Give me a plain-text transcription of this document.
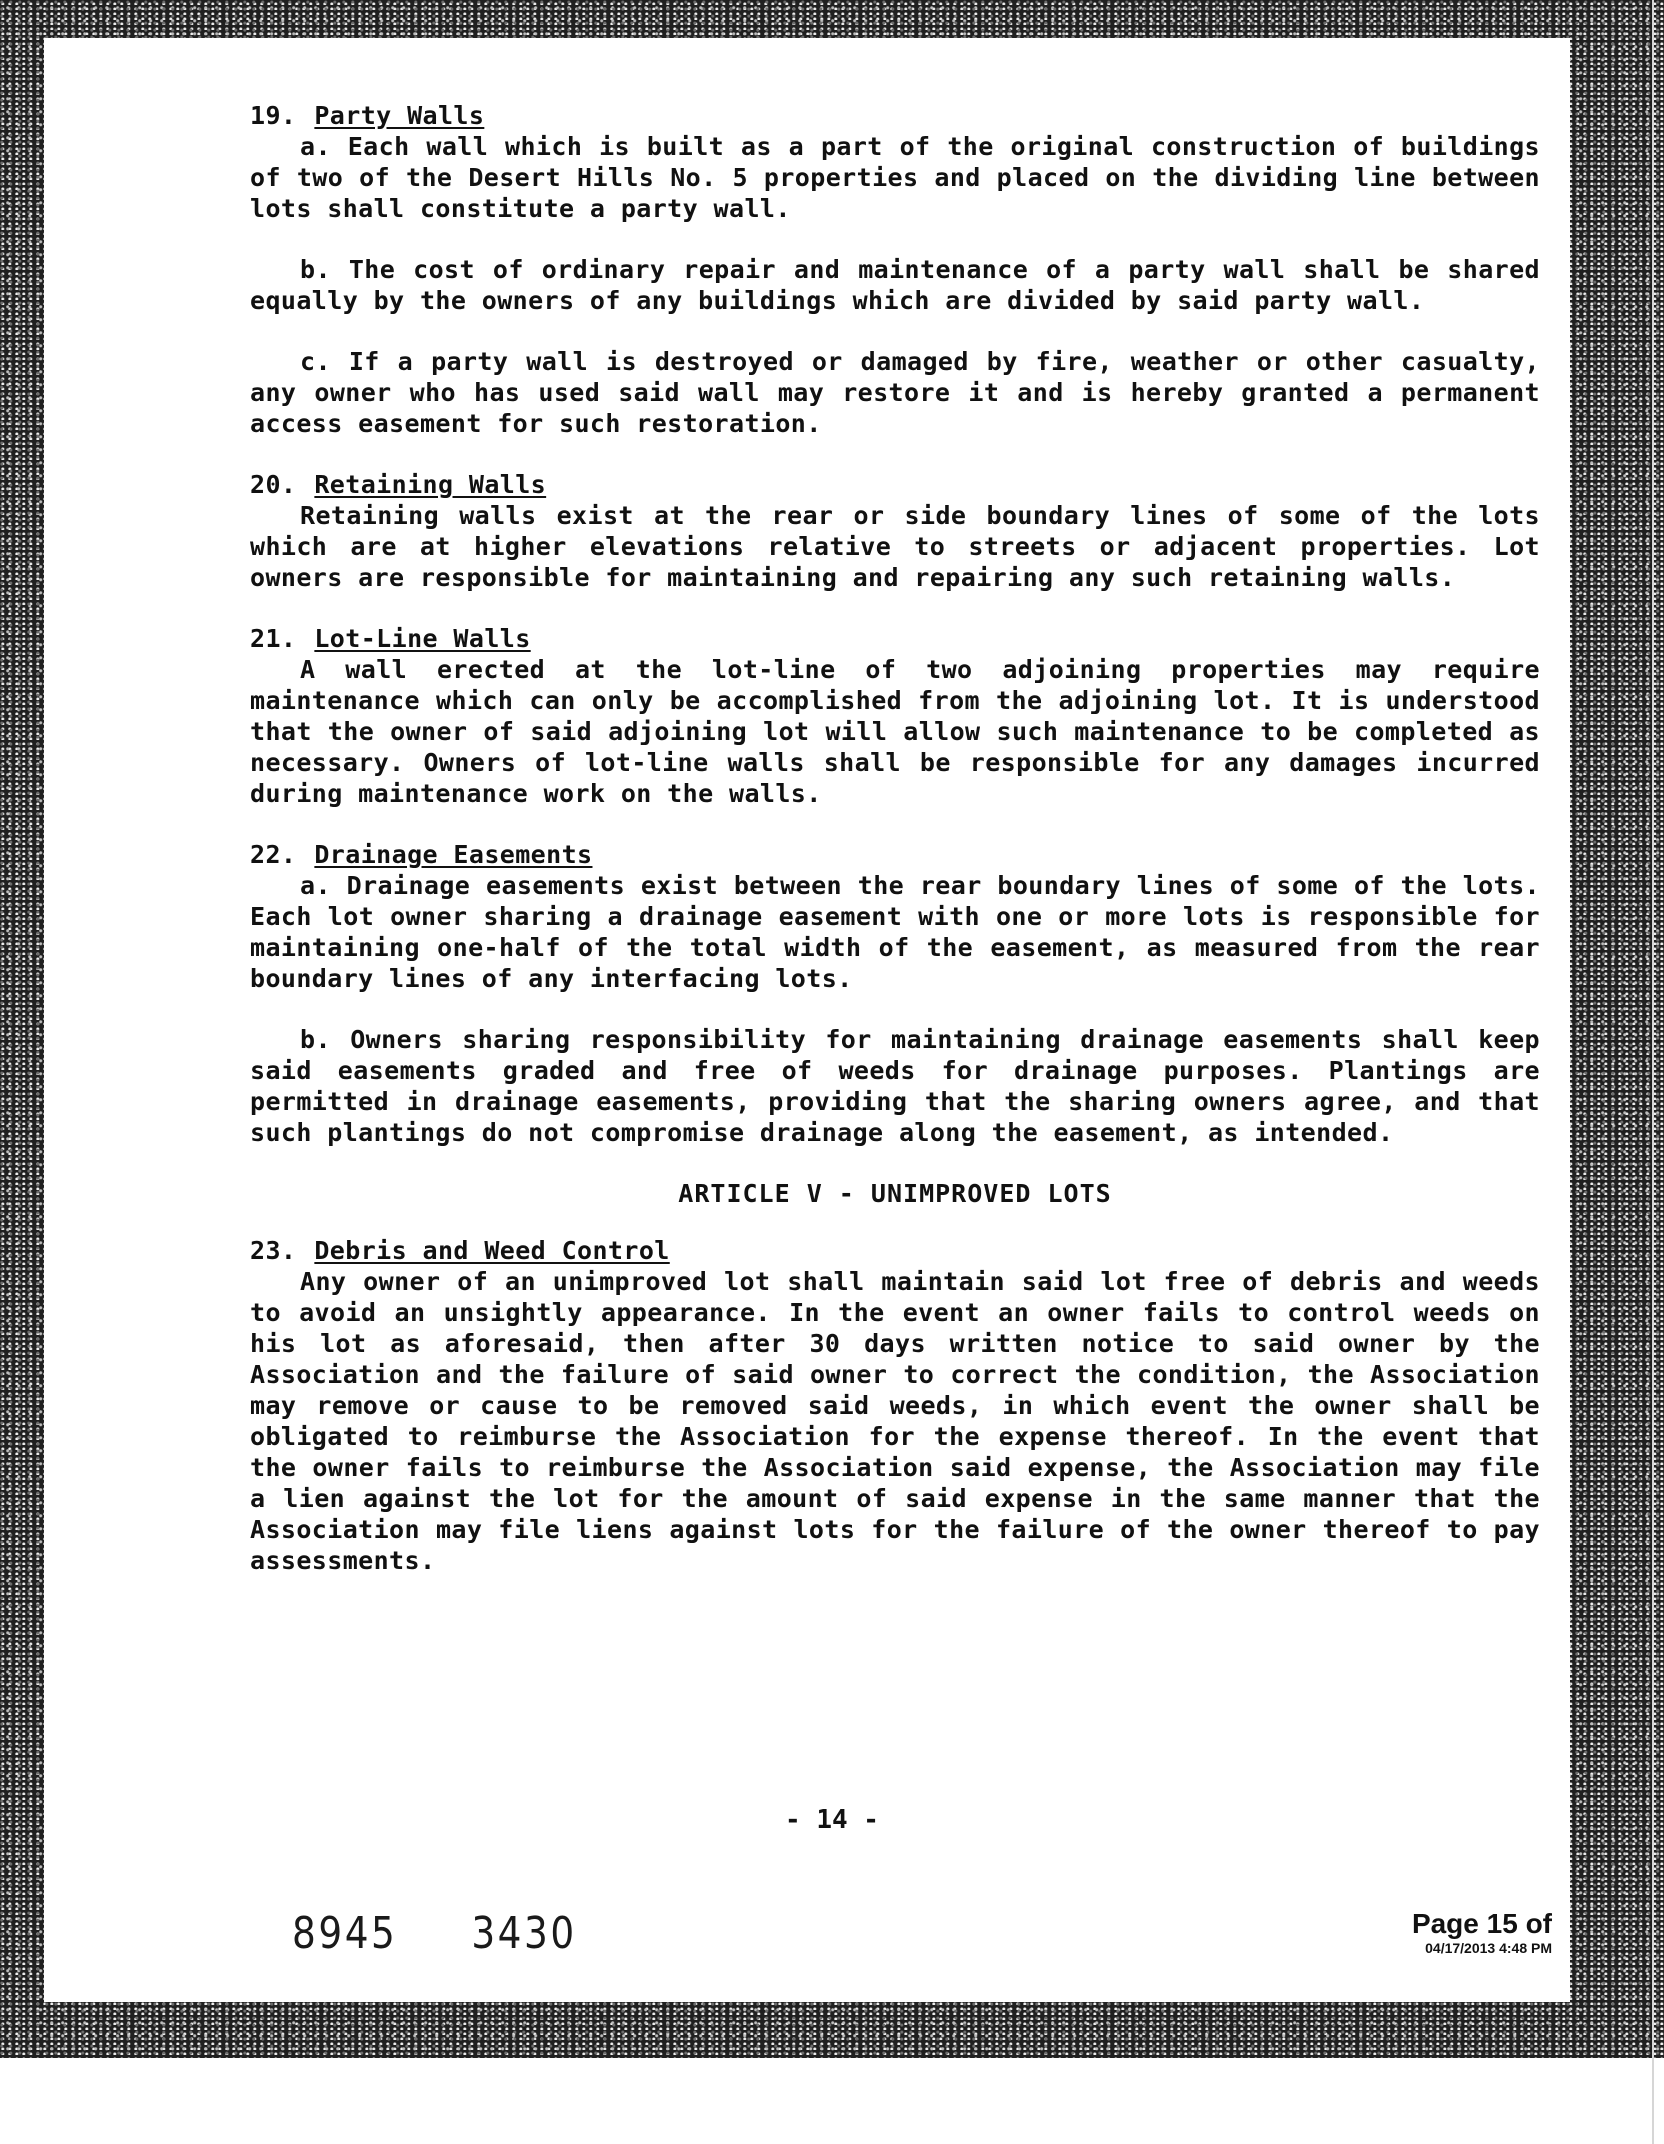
19. Party Walls

a. Each wall which is built as a part of the original construction of buildings of two of the Desert Hills No. 5 properties and placed on the dividing line between lots shall constitute a party wall.

b. The cost of ordinary repair and maintenance of a party wall shall be shared equally by the owners of any buildings which are divided by said party wall.

c. If a party wall is destroyed or damaged by fire, weather or other casualty, any owner who has used said wall may restore it and is hereby granted a permanent access easement for such restoration.

20. Retaining Walls

Retaining walls exist at the rear or side boundary lines of some of the lots which are at higher elevations relative to streets or adjacent properties. Lot owners are responsible for maintaining and repairing any such retaining walls.

21. Lot-Line Walls

A wall erected at the lot-line of two adjoining properties may require maintenance which can only be accomplished from the adjoining lot. It is understood that the owner of said adjoining lot will allow such maintenance to be completed as necessary. Owners of lot-line walls shall be responsible for any damages incurred during maintenance work on the walls.

22. Drainage Easements

a. Drainage easements exist between the rear boundary lines of some of the lots. Each lot owner sharing a drainage easement with one or more lots is responsible for maintaining one-half of the total width of the easement, as measured from the rear boundary lines of any interfacing lots.

b. Owners sharing responsibility for maintaining drainage easements shall keep said easements graded and free of weeds for drainage purposes. Plantings are permitted in drainage easements, providing that the sharing owners agree, and that such plantings do not compromise drainage along the easement, as intended.

ARTICLE V - UNIMPROVED LOTS
23. Debris and Weed Control

Any owner of an unimproved lot shall maintain said lot free of debris and weeds to avoid an unsightly appearance. In the event an owner fails to control weeds on his lot as aforesaid, then after 30 days written notice to said owner by the Association and the failure of said owner to correct the condition, the Association may remove or cause to be removed said weeds, in which event the owner shall be obligated to reimburse the Association for the expense thereof. In the event that the owner fails to reimburse the Association said expense, the Association may file a lien against the lot for the amount of said expense in the same manner that the Association may file liens against lots for the failure of the owner thereof to pay assessments.

- 14 -
8945 3430	Page 15 of
04/17/2013 4:48 PM
